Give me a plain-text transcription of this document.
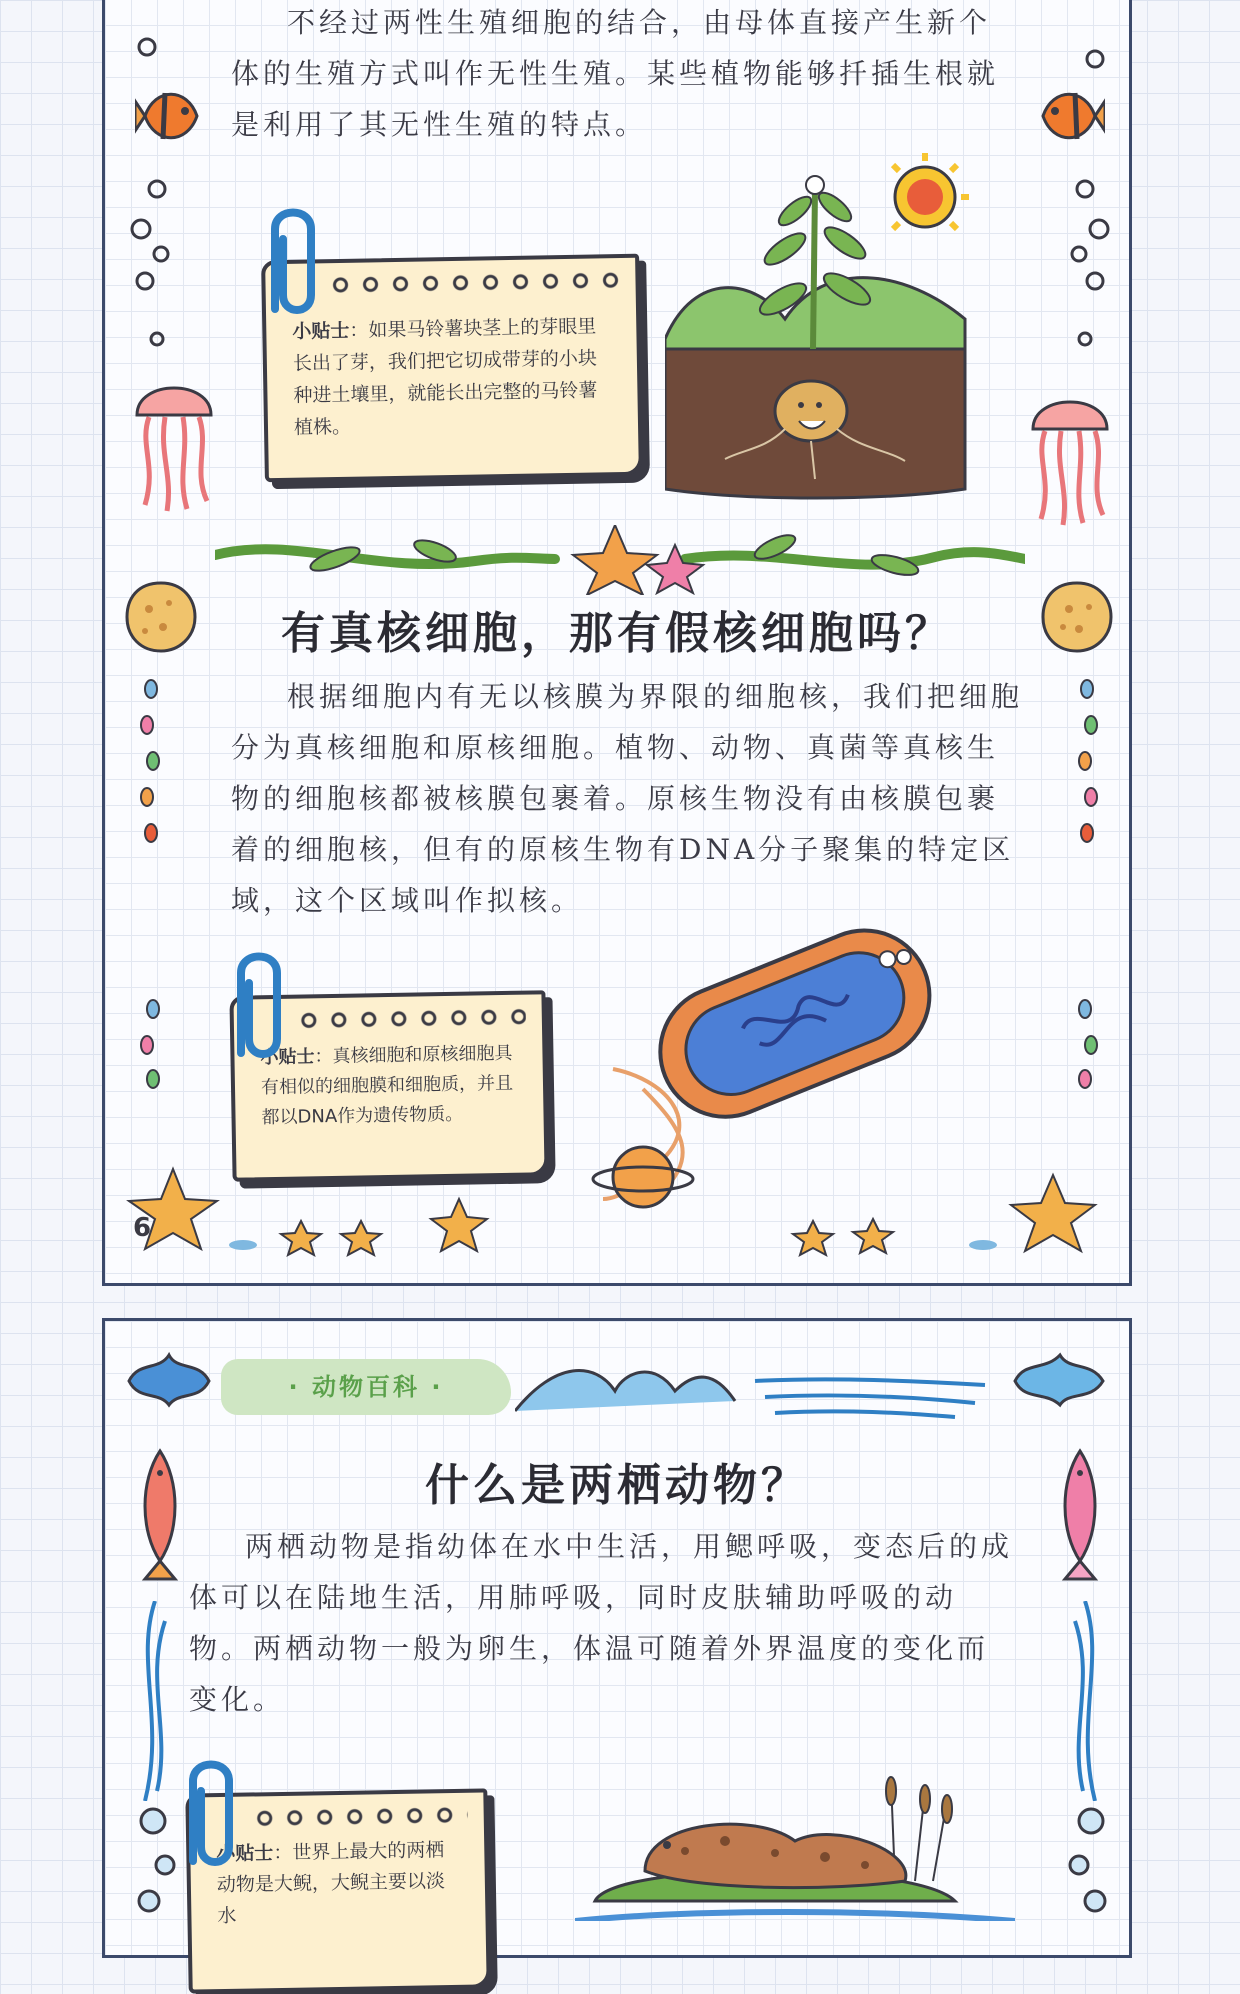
不经过两性生殖细胞的结合，由母体直接产生新个体的生殖方式叫作无性生殖。某些植物能够扦插生根就是利用了其无性生殖的特点。

小贴士：如果马铃薯块茎上的芽眼里长出了芽，我们把它切成带芽的小块种进土壤里，就能长出完整的马铃薯植株。
有真核细胞，那有假核细胞吗？

根据细胞内有无以核膜为界限的细胞核，我们把细胞分为真核细胞和原核细胞。植物、动物、真菌等真核生物的细胞核都被核膜包裹着。原核生物没有由核膜包裹着的细胞核，但有的原核生物有DNA分子聚集的特定区域，这个区域叫作拟核。

小贴士：真核细胞和原核细胞具有相似的细胞膜和细胞质，并且都以DNA作为遗传物质。
6
· 动物百科 ·
什么是两栖动物？

两栖动物是指幼体在水中生活，用鳃呼吸，变态后的成体可以在陆地生活，用肺呼吸，同时皮肤辅助呼吸的动物。两栖动物一般为卵生，体温可随着外界温度的变化而变化。

小贴士：世界上最大的两栖动物是大鲵，大鲵主要以淡水
